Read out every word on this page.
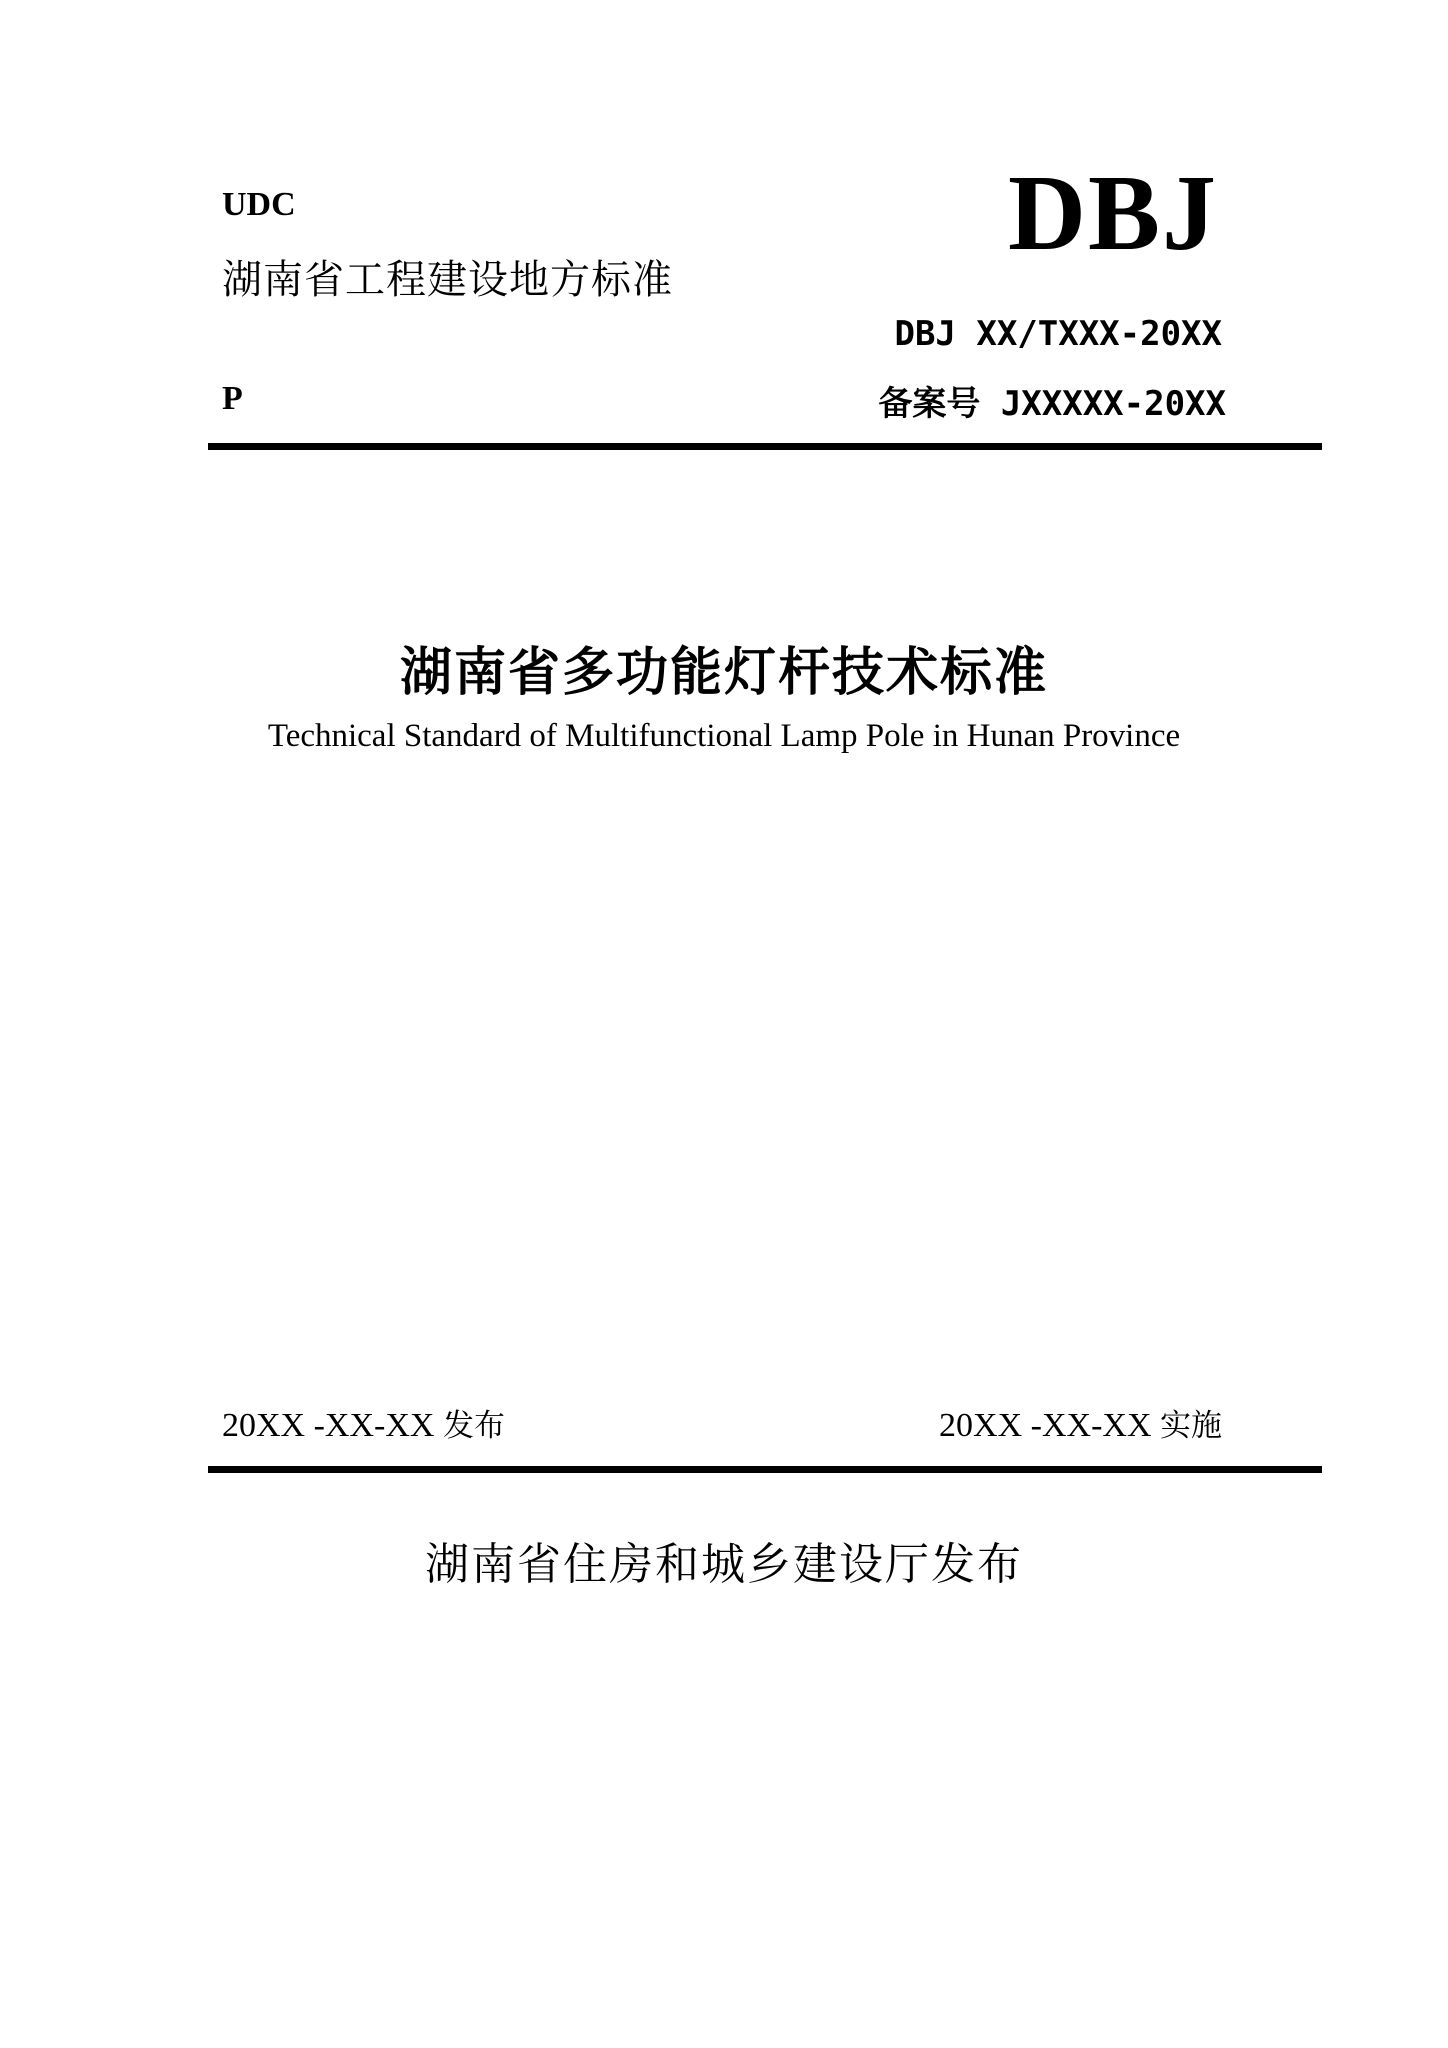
UDC
湖南省工程建设地方标准
DBJ
DBJ XX/TXXX-20XX
P	备案号 JXXXXX-20XX
湖南省多功能灯杆技术标准
Technical Standard of Multifunctional Lamp Pole in Hunan Province
20XX -XX-XX 发布	20XX -XX-XX 实施
湖南省住房和城乡建设厅发布
